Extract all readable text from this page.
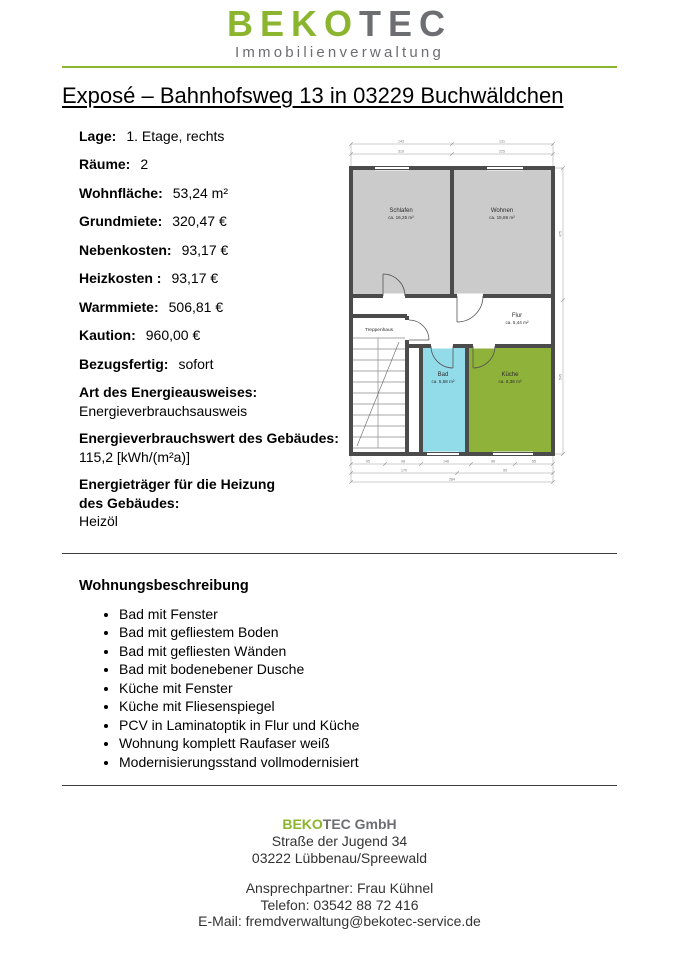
BEKOTEC
Immobilienverwaltung
Exposé – Bahnhofsweg 13 in 03229 Buchwäldchen
Lage: 1. Etage, rechts
Räume: 2
Wohnfläche: 53,24 m²
Grundmiete: 320,47 €
Nebenkosten: 93,17 €
Heizkosten : 93,17 €
Warmmiete: 506,81 €
Kaution: 960,00 €
Bezugsfertig: sofort
Art des Energieausweises:
Energieverbrauchsausweis
Energieverbrauchswert des Gebäudes:
115,2 [kWh/(m²a)]
Energieträger für die Heizung
des Gebäudes:
Heizöl
Schlafen
ca. 16,25 m²
Wohnen
ca. 15,86 m²
Flur
ca. 5,44 m²
Bad
ca. 5,68 m²
Küche
ca. 8,38 m²
Treppenhaus
143	131
310	225
95	98	148	96	55
170	95
284
475
545
Wohnungsbeschreibung
• Bad mit Fenster
• Bad mit gefliestem Boden
• Bad mit gefliesten Wänden
• Bad mit bodenebener Dusche
• Küche mit Fenster
• Küche mit Fliesenspiegel
• PCV in Laminatoptik in Flur und Küche
• Wohnung komplett Raufaser weiß
• Modernisierungsstand vollmodernisiert
BEKOTEC GmbH
Straße der Jugend 34
03222 Lübbenau/Spreewald
Ansprechpartner: Frau Kühnel
Telefon: 03542 88 72 416
E-Mail: fremdverwaltung@bekotec-service.de
